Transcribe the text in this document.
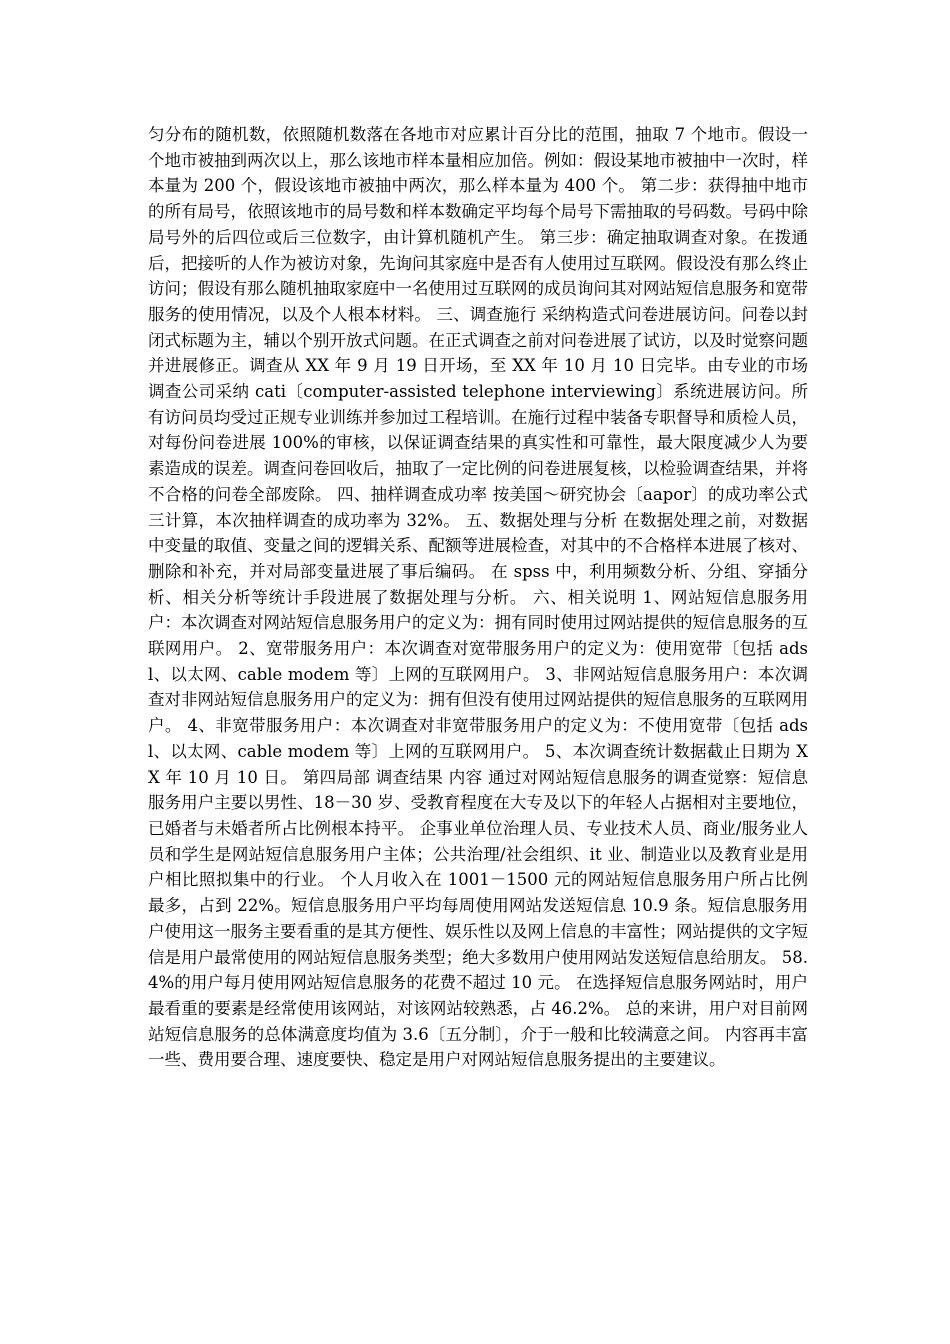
匀分布的随机数，依照随机数落在各地市对应累计百分比的范围，抽取 7 个地市。假设一个地市被抽到两次以上，那么该地市样本量相应加倍。例如：假设某地市被抽中一次时，样本量为 200 个，假设该地市被抽中两次，那么样本量为 400 个。 第二步：获得抽中地市的所有局号，依照该地市的局号数和样本数确定平均每个局号下需抽取的号码数。号码中除局号外的后四位或后三位数字，由计算机随机产生。 第三步：确定抽取调查对象。在拨通后，把接听的人作为被访对象，先询问其家庭中是否有人使用过互联网。假设没有那么终止访问；假设有那么随机抽取家庭中一名使用过互联网的成员询问其对网站短信息服务和宽带服务的使用情况，以及个人根本材料。 三、调查施行 采纳构造式问卷进展访问。问卷以封闭式标题为主，辅以个别开放式问题。在正式调查之前对问卷进展了试访，以及时觉察问题并进展修正。调查从 XX 年 9 月 19 日开场，至 XX 年 10 月 10 日完毕。由专业的市场调查公司采纳 cati〔computer-assisted telephone interviewing〕系统进展访问。所有访问员均受过正规专业训练并参加过工程培训。在施行过程中装备专职督导和质检人员，对每份问卷进展 100%的审核，以保证调查结果的真实性和可靠性，最大限度减少人为要素造成的误差。调查问卷回收后，抽取了一定比例的问卷进展复核，以检验调查结果，并将不合格的问卷全部废除。 四、抽样调查成功率 按美国～研究协会〔aapor〕的成功率公式三计算，本次抽样调查的成功率为 32%。 五、数据处理与分析 在数据处理之前，对数据中变量的取值、变量之间的逻辑关系、配额等进展检查，对其中的不合格样本进展了核对、删除和补充，并对局部变量进展了事后编码。 在 spss 中，利用频数分析、分组、穿插分析、相关分析等统计手段进展了数据处理与分析。 六、相关说明 1、网站短信息服务用户：本次调查对网站短信息服务用户的定义为：拥有同时使用过网站提供的短信息服务的互联网用户。 2、宽带服务用户：本次调查对宽带服务用户的定义为：使用宽带〔包括 adsl、以太网、cable modem 等〕上网的互联网用户。 3、非网站短信息服务用户：本次调查对非网站短信息服务用户的定义为：拥有但没有使用过网站提供的短信息服务的互联网用户。 4、非宽带服务用户：本次调查对非宽带服务用户的定义为：不使用宽带〔包括 adsl、以太网、cable modem 等〕上网的互联网用户。 5、本次调查统计数据截止日期为 XX 年 10 月 10 日。 第四局部 调查结果 内容 通过对网站短信息服务的调查觉察：短信息服务用户主要以男性、18－30 岁、受教育程度在大专及以下的年轻人占据相对主要地位，已婚者与未婚者所占比例根本持平。 企事业单位治理人员、专业技术人员、商业/服务业人员和学生是网站短信息服务用户主体；公共治理/社会组织、it 业、制造业以及教育业是用户相比照拟集中的行业。 个人月收入在 1001－1500 元的网站短信息服务用户所占比例最多，占到 22%。短信息服务用户平均每周使用网站发送短信息 10.9 条。短信息服务用户使用这一服务主要看重的是其方便性、娱乐性以及网上信息的丰富性；网站提供的文字短信是用户最常使用的网站短信息服务类型；绝大多数用户使用网站发送短信息给朋友。 58.4%的用户每月使用网站短信息服务的花费不超过 10 元。 在选择短信息服务网站时，用户最看重的要素是经常使用该网站，对该网站较熟悉，占 46.2%。 总的来讲，用户对目前网站短信息服务的总体满意度均值为 3.6〔五分制〕，介于一般和比较满意之间。 内容再丰富一些、费用要合理、速度要快、稳定是用户对网站短信息服务提出的主要建议。
